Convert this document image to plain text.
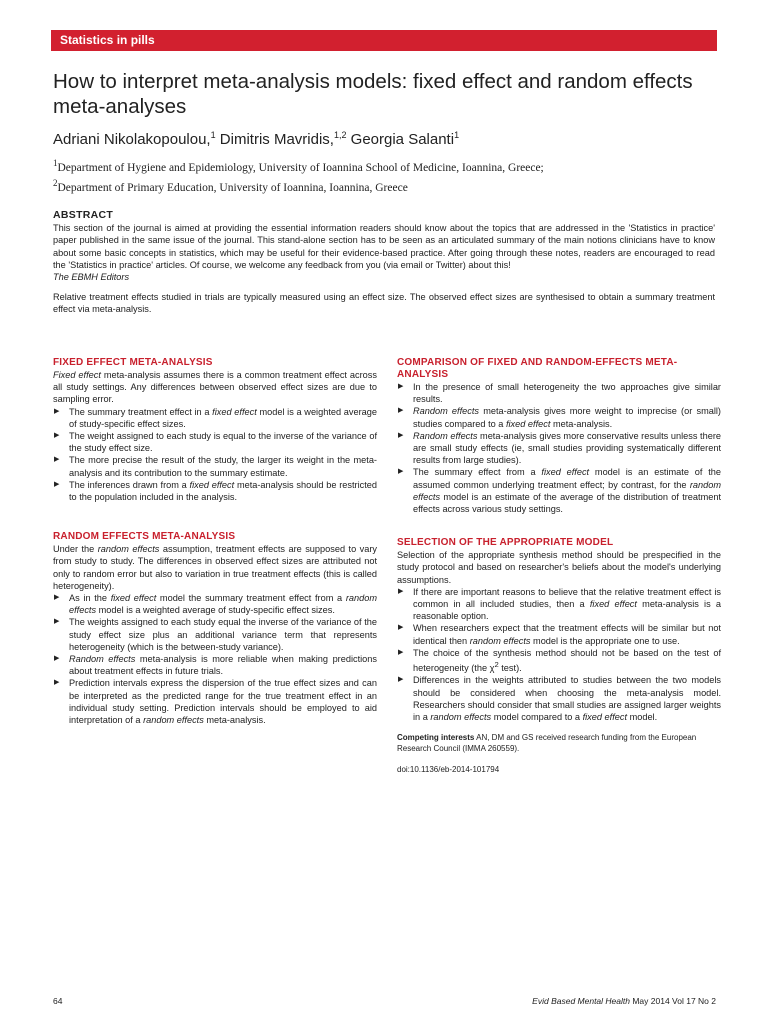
Statistics in pills
How to interpret meta-analysis models: fixed effect and random effects meta-analyses
Adriani Nikolakopoulou,$^1$ Dimitris Mavridis,$^{1,2}$ Georgia Salanti$^1$
$^1$Department of Hygiene and Epidemiology, University of Ioannina School of Medicine, Ioannina, Greece;
$^2$Department of Primary Education, University of Ioannina, Ioannina, Greece
ABSTRACT

This section of the journal is aimed at providing the essential information readers should know about the topics that are addressed in the 'Statistics in practice' paper published in the same issue of the journal. This stand-alone section has to be seen as an articulated summary of the main notions clinicians have to know about some basic concepts in statistics, which may be useful for their evidence-based practice. After going through these notes, readers are encouraged to read the 'Statistics in practice' articles. Of course, we welcome any feedback from you (via email or Twitter) about this!

The EBMH Editors

Relative treatment effects studied in trials are typically measured using an effect size. The observed effect sizes are synthesised to obtain a summary treatment effect via meta-analysis.

FIXED EFFECT META-ANALYSIS

Fixed effect meta-analysis assumes there is a common treatment effect across all study settings. Any differences between observed effect sizes are due to sampling error.

▶ The summary treatment effect in a fixed effect model is a weighted average of study-specific effect sizes.
▶ The weight assigned to each study is equal to the inverse of the variance of the study effect size.
▶ The more precise the result of the study, the larger its weight in the meta-analysis and its contribution to the summary estimate.
▶ The inferences drawn from a fixed effect meta-analysis should be restricted to the population included in the analysis.
RANDOM EFFECTS META-ANALYSIS

Under the random effects assumption, treatment effects are supposed to vary from study to study. The differences in observed effect sizes are attributed not only to random error but also to variation in true treatment effects (this is called heterogeneity).

▶ As in the fixed effect model the summary treatment effect from a random effects model is a weighted average of study-specific effect sizes.
▶ The weights assigned to each study equal the inverse of the variance of the study effect size plus an additional variance term that represents heterogeneity (which is the between-study variance).
▶ Random effects meta-analysis is more reliable when making predictions about treatment effects in future trials.
▶ Prediction intervals express the dispersion of the true effect sizes and can be interpreted as the predicted range for the true treatment effect in an individual study setting. Prediction intervals should be employed to aid interpretation of a random effects meta-analysis.
COMPARISON OF FIXED AND RANDOM-EFFECTS META-ANALYSIS
▶ In the presence of small heterogeneity the two approaches give similar results.
▶ Random effects meta-analysis gives more weight to imprecise (or small) studies compared to a fixed effect meta-analysis.
▶ Random effects meta-analysis gives more conservative results unless there are small study effects (ie, small studies providing systematically different results from large studies).
▶ The summary effect from a fixed effect model is an estimate of the assumed common underlying treatment effect; by contrast, for the random effects model is an estimate of the average of the distribution of treatment effects across various study settings.
SELECTION OF THE APPROPRIATE MODEL

Selection of the appropriate synthesis method should be prespecified in the study protocol and based on researcher's beliefs about the model's underlying assumptions.

▶ If there are important reasons to believe that the relative treatment effect is common in all included studies, then a fixed effect meta-analysis is a reasonable option.
▶ When researchers expect that the treatment effects will be similar but not identical then random effects model is the appropriate one to use.
▶ The choice of the synthesis method should not be based on the test of heterogeneity (the $\chi^2$ test).
▶ Differences in the weights attributed to studies between the two models should be considered when choosing the meta-analysis model. Researchers should consider that small studies are assigned larger weights in a random effects model compared to a fixed effect model.
Competing interests AN, DM and GS received research funding from the European Research Council (IMMA 260559).
doi:10.1136/eb-2014-101794
64	Evid Based Mental Health May 2014 Vol 17 No 2
